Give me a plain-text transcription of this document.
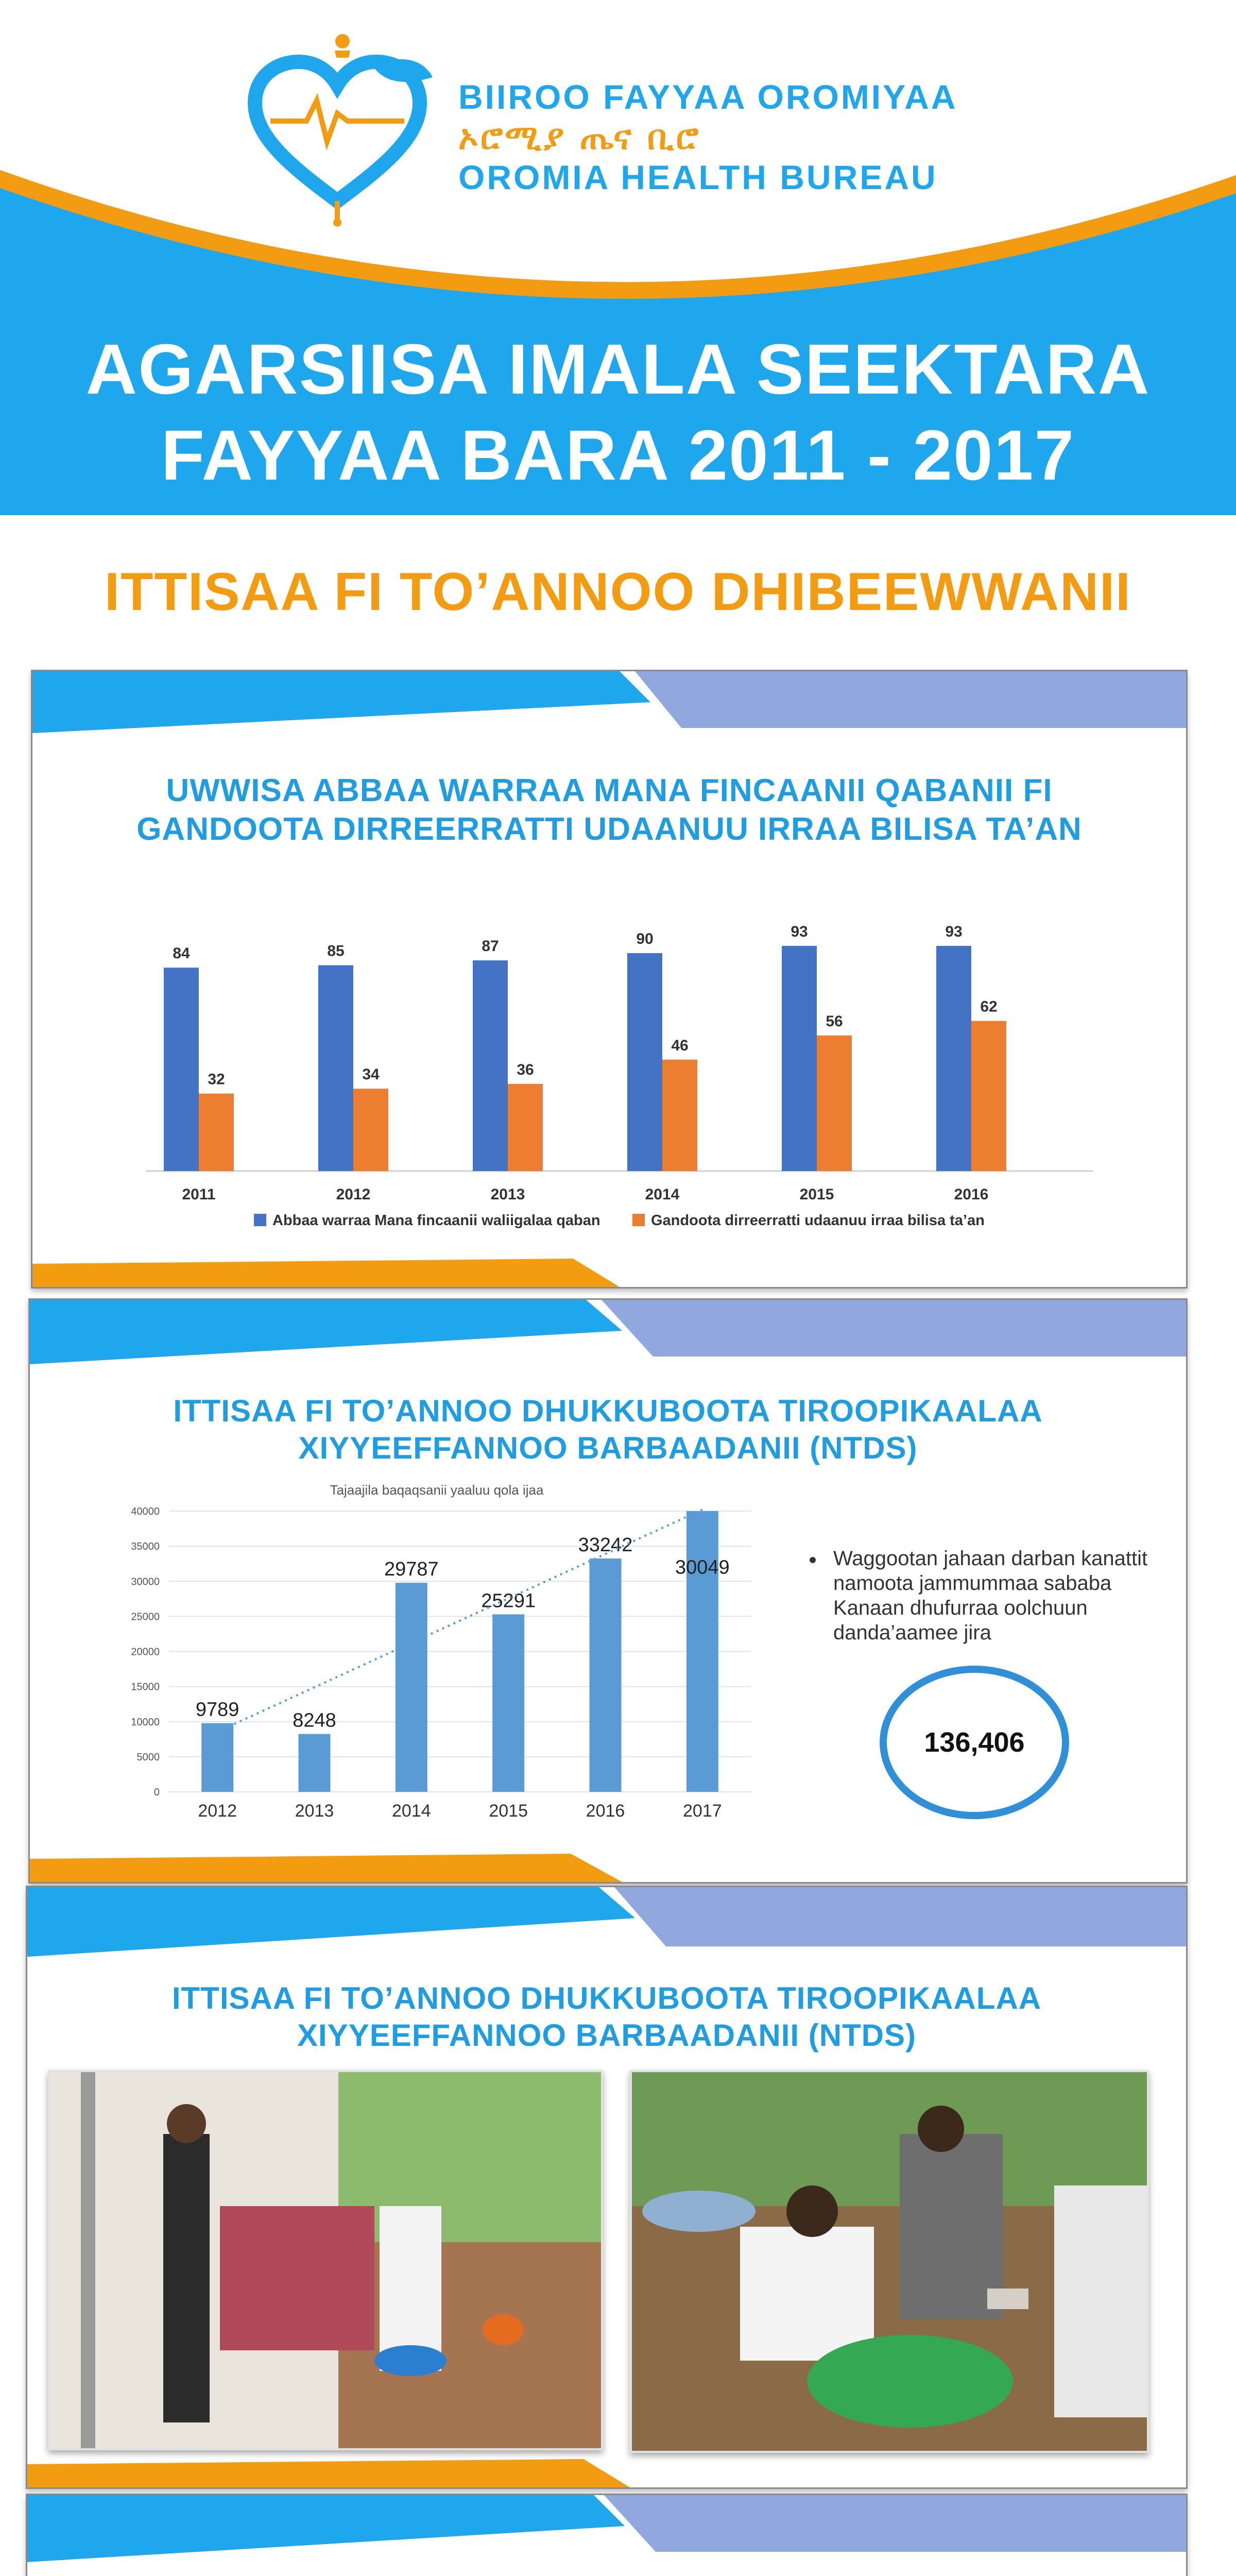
BIIROO FAYYAA OROMIYAA
ኦሮሚያ ጤና ቢሮ
OROMIA HEALTH BUREAU
AGARSIISA IMALA SEEKTARA
FAYYAA BARA 2011 - 2017
ITTISAA FI TO’ANNOO DHIBEEWWANII
UWWISA ABBAA WARRAA MANA FINCAANII QABANII FI
GANDOOTA DIRREERRATTI UDAANUU IRRAA BILISA TA’AN
84
32
2011
85
34
2012
87
36
2013
90
46
2014
93
56
2015
93
62
2016
Abbaa warraa Mana fincaanii waliigalaa qaban	Gandoota dirreerratti udaanuu irraa bilisa ta’an
ITTISAA FI TO’ANNOO DHUKKUBOOTA TIROOPIKAALAA
XIYYEEFFANNOO BARBAADANII (NTDS)
Tajaajila baqaqsanii yaaluu qola ijaa
0
5000
10000
15000
20000
25000
30000
35000
40000
2012	2013	2014	2015	2016	2017
9789	8248
29787
25291
33242
30049	Waggootan jahaan darban kanattit namoota jammummaa sababa Kanaan dhufurraa oolchuun danda’aamee jira
136,406
ITTISAA FI TO’ANNOO DHUKKUBOOTA TIROOPIKAALAA
XIYYEEFFANNOO BARBAADANII (NTDS)
